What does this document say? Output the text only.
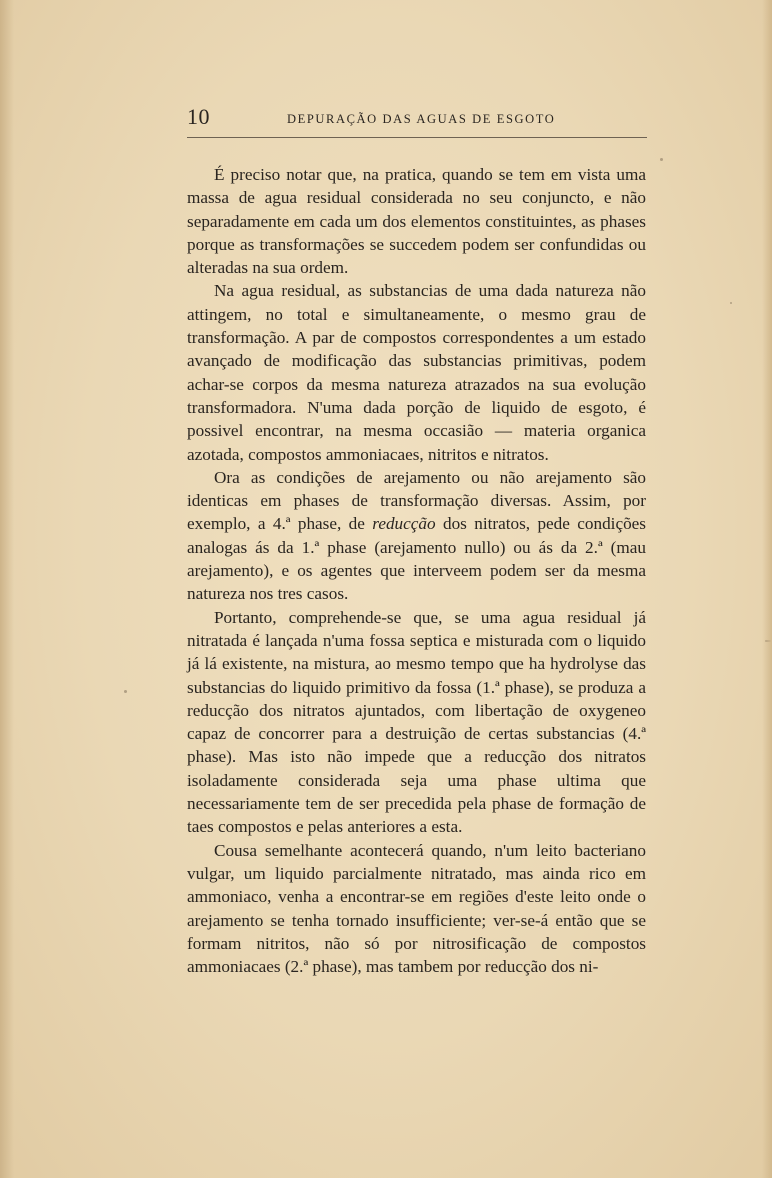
10	DEPURAÇÃO DAS AGUAS DE ESGOTO

É preciso notar que, na pratica, quando se tem em vista uma massa de agua residual considerada no seu conjuncto, e não separadamente em cada um dos elementos constituintes, as phases porque as transformações se succedem podem ser confundidas ou alteradas na sua ordem.

Na agua residual, as substancias de uma dada natureza não attingem, no total e simultaneamente, o mesmo grau de transformação. A par de compostos correspondentes a um estado avançado de modificação das substancias primitivas, podem achar-se corpos da mesma natureza atrazados na sua evolução transformadora. N'uma dada porção de liquido de esgoto, é possivel encontrar, na mesma occasião — materia organica azotada, compostos ammoniacaes, nitritos e nitratos.

Ora as condições de arejamento ou não arejamento são identicas em phases de transformação diversas. Assim, por exemplo, a 4.ª phase, de reducção dos nitratos, pede condições analogas ás da 1.ª phase (arejamento nullo) ou ás da 2.ª (mau arejamento), e os agentes que interveem podem ser da mesma natureza nos tres casos.

Portanto, comprehende-se que, se uma agua residual já nitratada é lançada n'uma fossa septica e misturada com o liquido já lá existente, na mistura, ao mesmo tempo que ha hydrolyse das substancias do liquido primitivo da fossa (1.ª phase), se produza a reducção dos nitratos ajuntados, com libertação de oxygeneo capaz de concorrer para a destruição de certas substancias (4.ª phase). Mas isto não impede que a reducção dos nitratos isoladamente considerada seja uma phase ultima que necessariamente tem de ser precedida pela phase de formação de taes compostos e pelas anteriores a esta.

Cousa semelhante acontecerá quando, n'um leito bacteriano vulgar, um liquido parcialmente nitratado, mas ainda rico em ammoniaco, venha a encontrar-se em regiões d'este leito onde o arejamento se tenha tornado insufficiente; ver-se-á então que se formam nitritos, não só por nitrosificação de compostos ammoniacaes (2.ª phase), mas tambem por reducção dos ni-
